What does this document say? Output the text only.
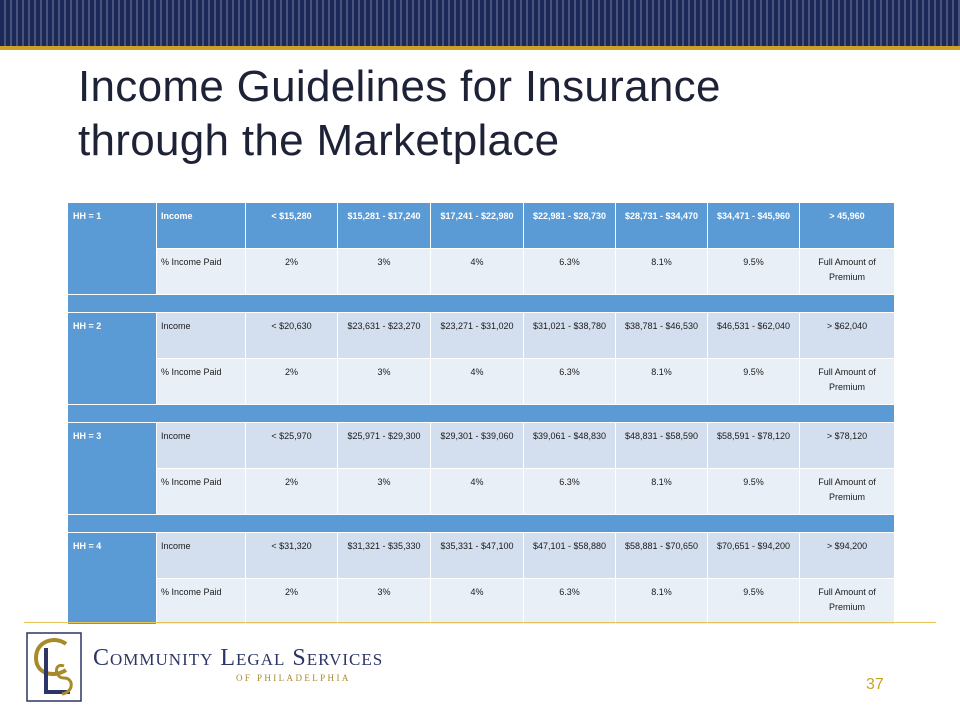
Income Guidelines for Insurance
through the Marketplace
HH = 1	Income	< $15,280	$15,281 - $17,240	$17,241 - $22,980	$22,981 - $28,730	$28,731 - $34,470	$34,471 - $45,960	> 45,960
	% Income Paid	2%	3%	4%	6.3%	8.1%	9.5%	Full Amount of Premium

HH = 2	Income	< $20,630	$23,631 - $23,270	$23,271 - $31,020	$31,021 - $38,780	$38,781 - $46,530	$46,531 - $62,040	> $62,040
	% Income Paid	2%	3%	4%	6.3%	8.1%	9.5%	Full Amount of Premium

HH = 3	Income	< $25,970	$25,971 - $29,300	$29,301 - $39,060	$39,061 - $48,830	$48,831 - $58,590	$58,591 - $78,120	> $78,120
	% Income Paid	2%	3%	4%	6.3%	8.1%	9.5%	Full Amount of Premium

HH = 4	Income	< $31,320	$31,321 - $35,330	$35,331 - $47,100	$47,101 - $58,880	$58,881 - $70,650	$70,651 - $94,200	> $94,200
	% Income Paid	2%	3%	4%	6.3%	8.1%	9.5%	Full Amount of Premium
Community Legal Services
OF PHILADELPHIA	37
